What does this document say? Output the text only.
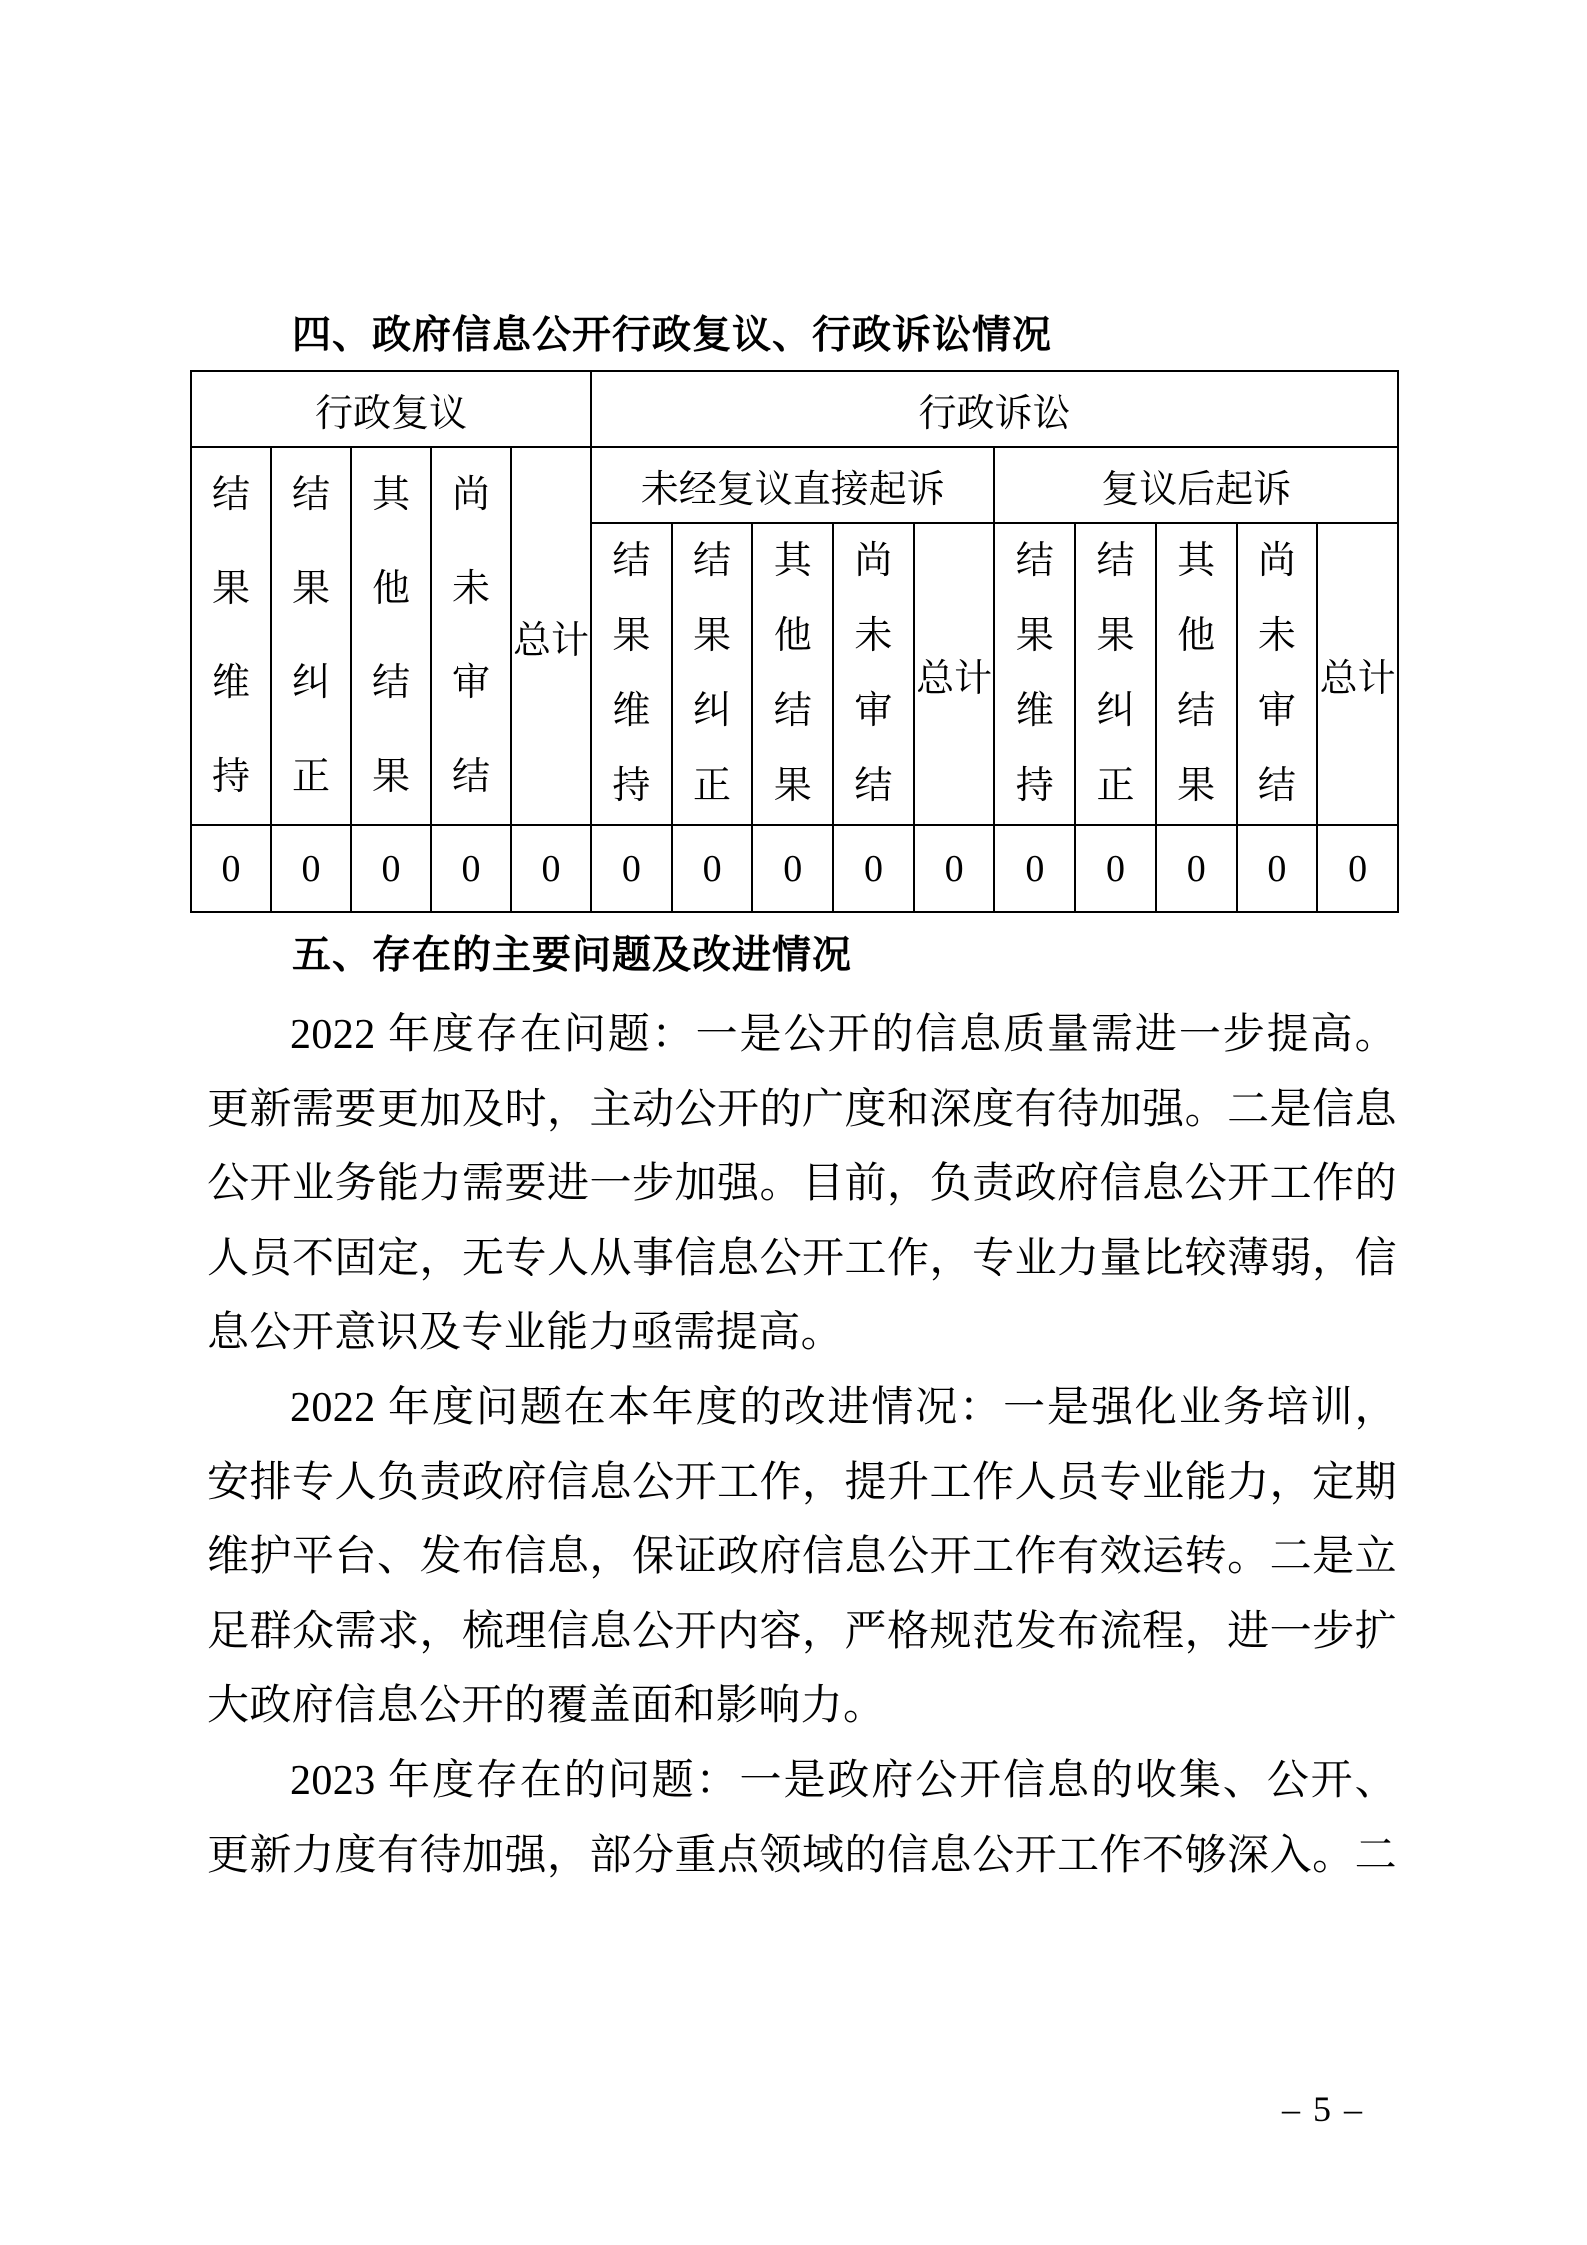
四、政府信息公开行政复议、行政诉讼情况
行政复议					行政诉讼									

结果维持	结果纠正	其他结果	尚未审结	总计	未经复议直接起诉					复议后起诉				

					结果维持	结果纠正	其他结果	尚未审结	总计	结果维持	结果纠正	其他结果	尚未审结	总计
0	0	0	0	0	0	0	0	0	0	0	0	0	0	0
五、存在的主要问题及改进情况
2022 年度存在问题：一是公开的信息质量需进一步提高。
更新需要更加及时，主动公开的广度和深度有待加强。二是信息
公开业务能力需要进一步加强。目前，负责政府信息公开工作的
人员不固定，无专人从事信息公开工作，专业力量比较薄弱，信
息公开意识及专业能力亟需提高。
2022 年度问题在本年度的改进情况：一是强化业务培训，
安排专人负责政府信息公开工作，提升工作人员专业能力，定期
维护平台、发布信息，保证政府信息公开工作有效运转。二是立
足群众需求，梳理信息公开内容，严格规范发布流程，进一步扩
大政府信息公开的覆盖面和影响力。
2023 年度存在的问题：一是政府公开信息的收集、公开、
更新力度有待加强，部分重点领域的信息公开工作不够深入。二
– 5 –
